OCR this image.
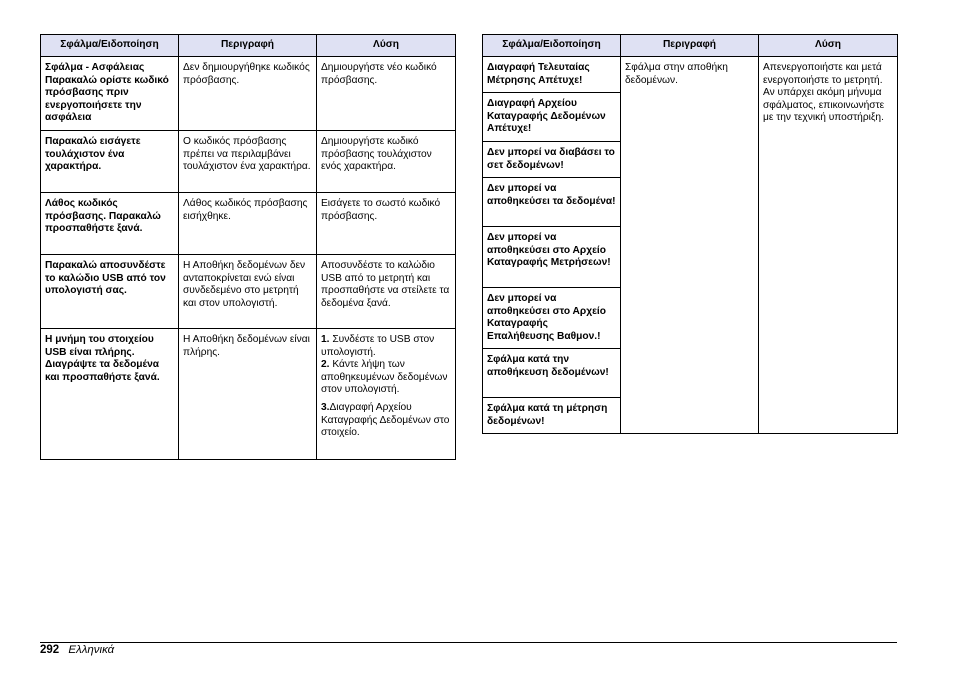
Σφάλμα/Ειδοποίηση	Περιγραφή	Λύση
Σφάλμα - Ασφάλειας Παρακαλώ ορίστε κωδικό πρόσβασης πριν ενεργοποιήσετε την ασφάλεια	Δεν δημιουργήθηκε κωδικός πρόσβασης.	Δημιουργήστε νέο κωδικό πρόσβασης.
Παρακαλώ εισάγετε τουλάχιστον ένα χαρακτήρα.	Ο κωδικός πρόσβασης πρέπει να περιλαμβάνει τουλάχιστον ένα χαρακτήρα.	Δημιουργήστε κωδικό πρόσβασης τουλάχιστον ενός χαρακτήρα.
Λάθος κωδικός πρόσβασης. Παρακαλώ προσπαθήστε ξανά.	Λάθος κωδικός πρόσβασης εισήχθηκε.	Εισάγετε το σωστό κωδικό πρόσβασης.
Παρακαλώ αποσυνδέστε το καλώδιο USB από τον υπολογιστή σας.	Η Αποθήκη δεδομένων δεν ανταποκρίνεται ενώ είναι συνδεδεμένο στο μετρητή και στον υπολογιστή.	Αποσυνδέστε το καλώδιο USB από το μετρητή και προσπαθήστε να στείλετε τα δεδομένα ξανά.
Η μνήμη του στοιχείου USB είναι πλήρης. Διαγράψτε τα δεδομένα και προσπαθήστε ξανά.	Η Αποθήκη δεδομένων είναι πλήρης.	1. Συνδέστε το USB στον υπολογιστή.
2. Κάντε λήψη των αποθηκευμένων δεδομένων στον υπολογιστή.
3.Διαγραφή Αρχείου Καταγραφής Δεδομένων στο στοιχείο.
Σφάλμα/Ειδοποίηση	Περιγραφή	Λύση
Διαγραφή Τελευταίας Μέτρησης Απέτυχε!	Σφάλμα στην αποθήκη δεδομένων.	Απενεργοποιήστε και μετά ενεργοποιήστε το μετρητή. Αν υπάρχει ακόμη μήνυμα σφάλματος, επικοινωνήστε με την τεχνική υποστήριξη.
Διαγραφή Αρχείου Καταγραφής Δεδομένων Απέτυχε!		
Δεν μπορεί να διαβάσει το σετ δεδομένων!		
Δεν μπορεί να αποθηκεύσει τα δεδομένα!		
Δεν μπορεί να αποθηκεύσει στο Αρχείο Καταγραφής Μετρήσεων!		
Δεν μπορεί να αποθηκεύσει στο Αρχείο Καταγραφής Επαλήθευσης Βαθμον.!		
Σφάλμα κατά την αποθήκευση δεδομένων!		
Σφάλμα κατά τη μέτρηση δεδομένων!		
292 Ελληνικά
